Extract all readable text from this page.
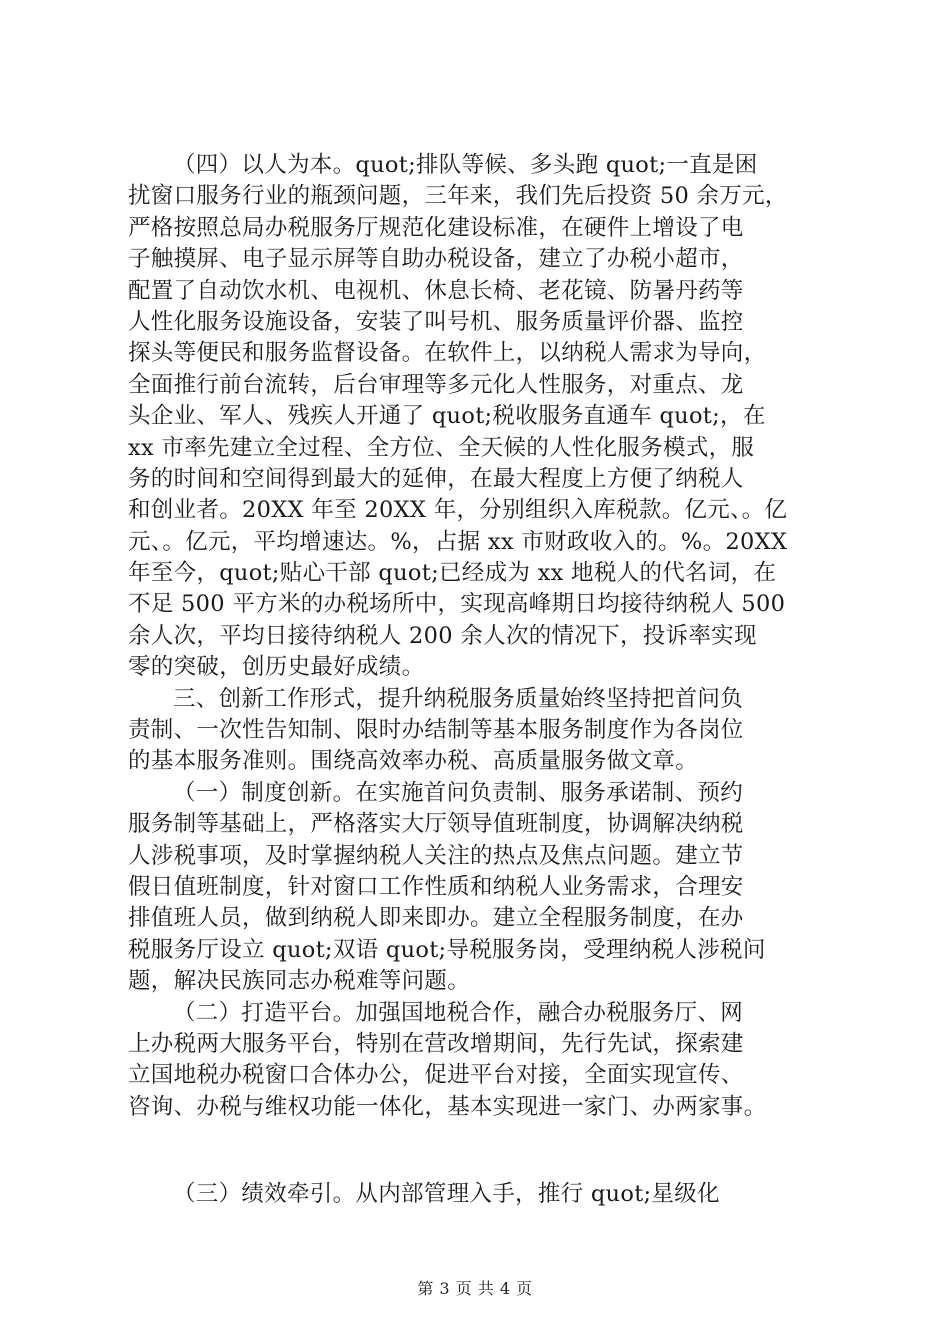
（四）以人为本。quot;排队等候、多头跑 quot;一直是困
扰窗口服务行业的瓶颈问题，三年来，我们先后投资 50 余万元，
严格按照总局办税服务厅规范化建设标准，在硬件上增设了电
子触摸屏、电子显示屏等自助办税设备，建立了办税小超市，
配置了自动饮水机、电视机、休息长椅、老花镜、防暑丹药等
人性化服务设施设备，安装了叫号机、服务质量评价器、监控
探头等便民和服务监督设备。在软件上，以纳税人需求为导向，
全面推行前台流转，后台审理等多元化人性服务，对重点、龙
头企业、军人、残疾人开通了 quot;税收服务直通车 quot;，在
xx 市率先建立全过程、全方位、全天候的人性化服务模式，服
务的时间和空间得到最大的延伸，在最大程度上方便了纳税人
和创业者。20XX 年至 20XX 年，分别组织入库税款。亿元、。亿
元、。亿元，平均增速达。%，占据 xx 市财政收入的。%。20XX
年至今，quot;贴心干部 quot;已经成为 xx 地税人的代名词，在
不足 500 平方米的办税场所中，实现高峰期日均接待纳税人 500
余人次，平均日接待纳税人 200 余人次的情况下，投诉率实现
零的突破，创历史最好成绩。
三、创新工作形式，提升纳税服务质量始终坚持把首问负
责制、一次性告知制、限时办结制等基本服务制度作为各岗位
的基本服务准则。围绕高效率办税、高质量服务做文章。
（一）制度创新。在实施首问负责制、服务承诺制、预约
服务制等基础上，严格落实大厅领导值班制度，协调解决纳税
人涉税事项，及时掌握纳税人关注的热点及焦点问题。建立节
假日值班制度，针对窗口工作性质和纳税人业务需求，合理安
排值班人员，做到纳税人即来即办。建立全程服务制度，在办
税服务厅设立 quot;双语 quot;导税服务岗，受理纳税人涉税问
题，解决民族同志办税难等问题。
（二）打造平台。加强国地税合作，融合办税服务厅、网
上办税两大服务平台，特别在营改增期间，先行先试，探索建
立国地税办税窗口合体办公，促进平台对接，全面实现宣传、
咨询、办税与维权功能一体化，基本实现进一家门、办两家事。
（三）绩效牵引。从内部管理入手，推行 quot;星级化
第 3 页 共 4 页
